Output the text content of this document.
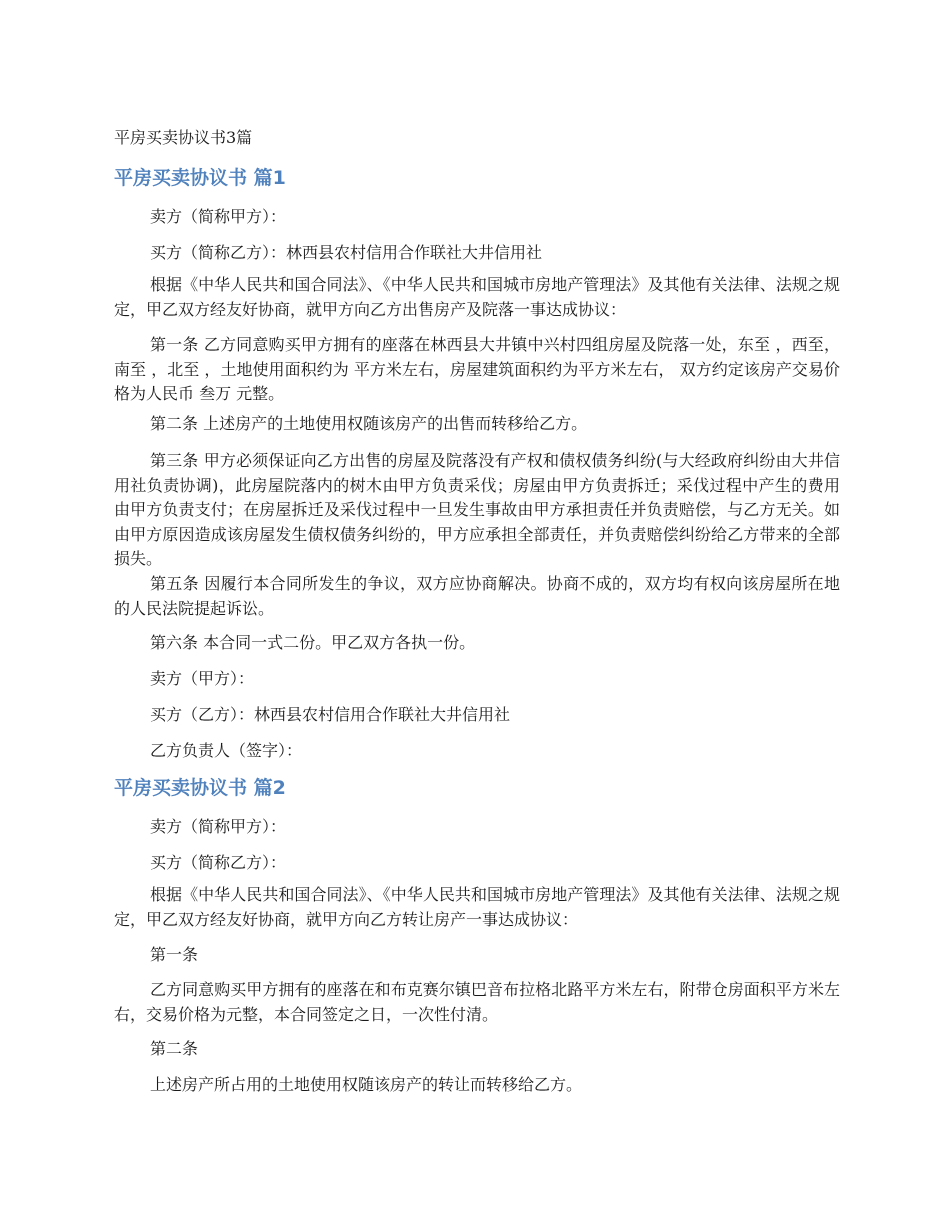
平房买卖协议书3篇
平房买卖协议书 篇1

卖方（简称甲方）：

买方（简称乙方）：林西县农村信用合作联社大井信用社

根据《中华人民共和国合同法》、《中华人民共和国城市房地产管理法》及其他有关法律、法规之规定，甲乙双方经友好协商，就甲方向乙方出售房产及院落一事达成协议：

第一条 乙方同意购买甲方拥有的座落在林西县大井镇中兴村四组房屋及院落一处，东至 ，西至，南至 ，北至 ，土地使用面积约为 平方米左右，房屋建筑面积约为平方米左右， 双方约定该房产交易价格为人民币 叁万 元整。

第二条 上述房产的土地使用权随该房产的出售而转移给乙方。

第三条 甲方必须保证向乙方出售的房屋及院落没有产权和债权债务纠纷(与大经政府纠纷由大井信用社负责协调)，此房屋院落内的树木由甲方负责采伐；房屋由甲方负责拆迁；采伐过程中产生的费用由甲方负责支付；在房屋拆迁及采伐过程中一旦发生事故由甲方承担责任并负责赔偿，与乙方无关。如由甲方原因造成该房屋发生债权债务纠纷的，甲方应承担全部责任，并负责赔偿纠纷给乙方带来的全部损失。

第五条 因履行本合同所发生的争议，双方应协商解决。协商不成的，双方均有权向该房屋所在地的人民法院提起诉讼。

第六条 本合同一式二份。甲乙双方各执一份。

卖方（甲方）：

买方（乙方）：林西县农村信用合作联社大井信用社

乙方负责人（签字）：

平房买卖协议书 篇2

卖方（简称甲方）：

买方（简称乙方）：

根据《中华人民共和国合同法》、《中华人民共和国城市房地产管理法》及其他有关法律、法规之规定，甲乙双方经友好协商，就甲方向乙方转让房产一事达成协议：

第一条

乙方同意购买甲方拥有的座落在和布克赛尔镇巴音布拉格北路平方米左右，附带仓房面积平方米左右，交易价格为元整，本合同签定之日，一次性付清。

第二条

上述房产所占用的土地使用权随该房产的转让而转移给乙方。
